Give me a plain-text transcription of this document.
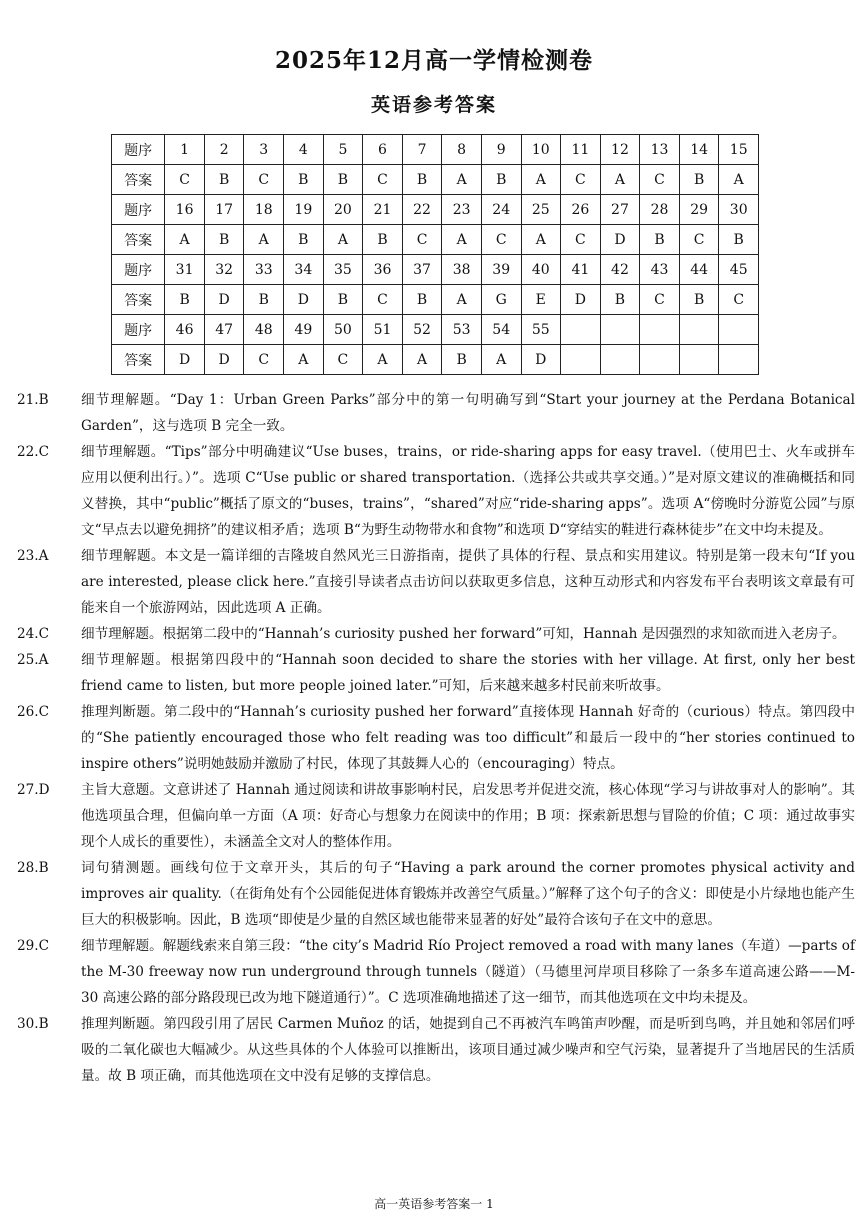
2025年12月高一学情检测卷
英语参考答案
题序	1	2	3	4	5	6	7	8	9	10	11	12	13	14	15
答案	C	B	C	B	B	C	B	A	B	A	C	A	C	B	A
题序	16	17	18	19	20	21	22	23	24	25	26	27	28	29	30
答案	A	B	A	B	A	B	C	A	C	A	C	D	B	C	B
题序	31	32	33	34	35	36	37	38	39	40	41	42	43	44	45
答案	B	D	B	D	B	C	B	A	G	E	D	B	C	B	C
题序	46	47	48	49	50	51	52	53	54	55					
答案	D	D	C	A	C	A	A	B	A	D					
21.B	细节理解题。“Day 1：Urban Green Parks”部分中的第一句明确写到“Start your journey at the Perdana Botanical Garden”，这与选项 B 完全一致。
22.C	细节理解题。“Tips”部分中明确建议“Use buses，trains，or ride-sharing apps for easy travel.（使用巴士、火车或拼车应用以便利出行。）”。选项 C“Use public or shared transportation.（选择公共或共享交通。）”是对原文建议的准确概括和同义替换，其中“public”概括了原文的“buses，trains”，“shared”对应“ride-sharing apps”。选项 A“傍晚时分游览公园”与原文“早点去以避免拥挤”的建议相矛盾；选项 B“为野生动物带水和食物”和选项 D“穿结实的鞋进行森林徒步”在文中均未提及。
23.A	细节理解题。本文是一篇详细的吉隆坡自然风光三日游指南，提供了具体的行程、景点和实用建议。特别是第一段末句“If you are interested, please click here.”直接引导读者点击访问以获取更多信息，这种互动形式和内容发布平台表明该文章最有可能来自一个旅游网站，因此选项 A 正确。
24.C	细节理解题。根据第二段中的“Hannah’s curiosity pushed her forward”可知，Hannah 是因强烈的求知欲而进入老房子。
25.A	细节理解题。根据第四段中的“Hannah soon decided to share the stories with her village. At first, only her best friend came to listen, but more people joined later.”可知，后来越来越多村民前来听故事。
26.C	推理判断题。第二段中的“Hannah’s curiosity pushed her forward”直接体现 Hannah 好奇的（curious）特点。第四段中的“She patiently encouraged those who felt reading was too difficult”和最后一段中的“her stories continued to inspire others”说明她鼓励并激励了村民，体现了其鼓舞人心的（encouraging）特点。
27.D	主旨大意题。文意讲述了 Hannah 通过阅读和讲故事影响村民，启发思考并促进交流，核心体现“学习与讲故事对人的影响”。其他选项虽合理，但偏向单一方面（A 项：好奇心与想象力在阅读中的作用；B 项：探索新思想与冒险的价值；C 项：通过故事实现个人成长的重要性），未涵盖全文对人的整体作用。
28.B	词句猜测题。画线句位于文章开头，其后的句子“Having a park around the corner promotes physical activity and improves air quality.（在街角处有个公园能促进体育锻炼并改善空气质量。）”解释了这个句子的含义：即使是小片绿地也能产生巨大的积极影响。因此，B 选项“即使是少量的自然区域也能带来显著的好处”最符合该句子在文中的意思。
29.C	细节理解题。解题线索来自第三段：“the city’s Madrid Río Project removed a road with many lanes（车道）—parts of the M-30 freeway now run underground through tunnels（隧道）（马德里河岸项目移除了一条多车道高速公路——M-30 高速公路的部分路段现已改为地下隧道通行）”。C 选项准确地描述了这一细节，而其他选项在文中均未提及。
30.B	推理判断题。第四段引用了居民 Carmen Muñoz 的话，她提到自己不再被汽车鸣笛声吵醒，而是听到鸟鸣，并且她和邻居们呼吸的二氧化碳也大幅减少。从这些具体的个人体验可以推断出，该项目通过减少噪声和空气污染，显著提升了当地居民的生活质量。故 B 项正确，而其他选项在文中没有足够的支撑信息。
高一英语参考答案一 1
